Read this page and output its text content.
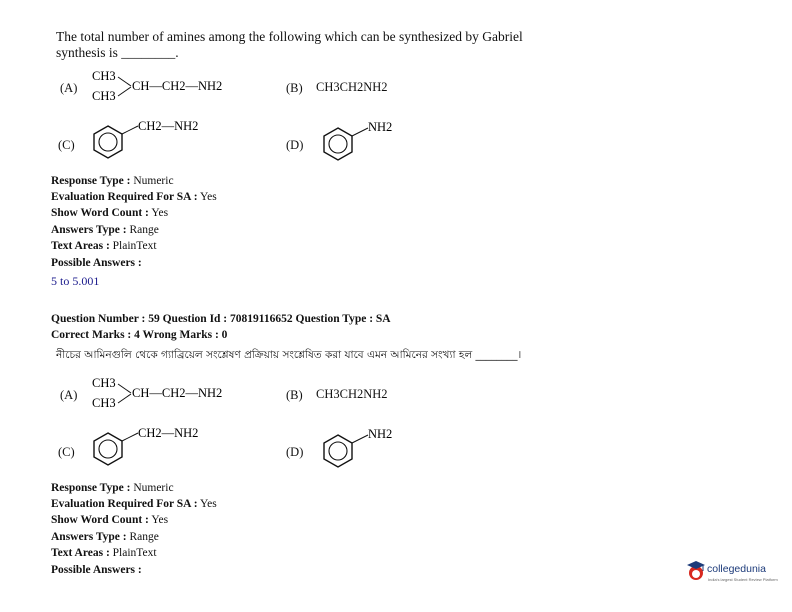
The total number of amines among the following which can be synthesized by Gabriel
synthesis is ________.
(A)
CH3
CH3
CH—CH2—NH2	(B) CH3CH2NH2
(C)
CH2—NH2
(D)
NH2
Response Type : Numeric
Evaluation Required For SA : Yes
Show Word Count : Yes
Answers Type : Range
Text Areas : PlainText
Possible Answers :
5 to 5.001
Question Number : 59 Question Id : 70819116652 Question Type : SA
Correct Marks : 4 Wrong Marks : 0
নীচের আমিনগুলি থেকে গ্যাব্রিয়েল সংশ্লেষণ প্রক্রিয়ায় সংশ্লেষিত করা যাবে এমন আমিনের সংখ্যা হল ________।
(A)
CH3
CH3
CH—CH2—NH2	(B) CH3CH2NH2
(C)
CH2—NH2
(D)
NH2
Response Type : Numeric
Evaluation Required For SA : Yes
Show Word Count : Yes
Answers Type : Range
Text Areas : PlainText
Possible Answers :	collegedunia
India's largest Student Review Platform
